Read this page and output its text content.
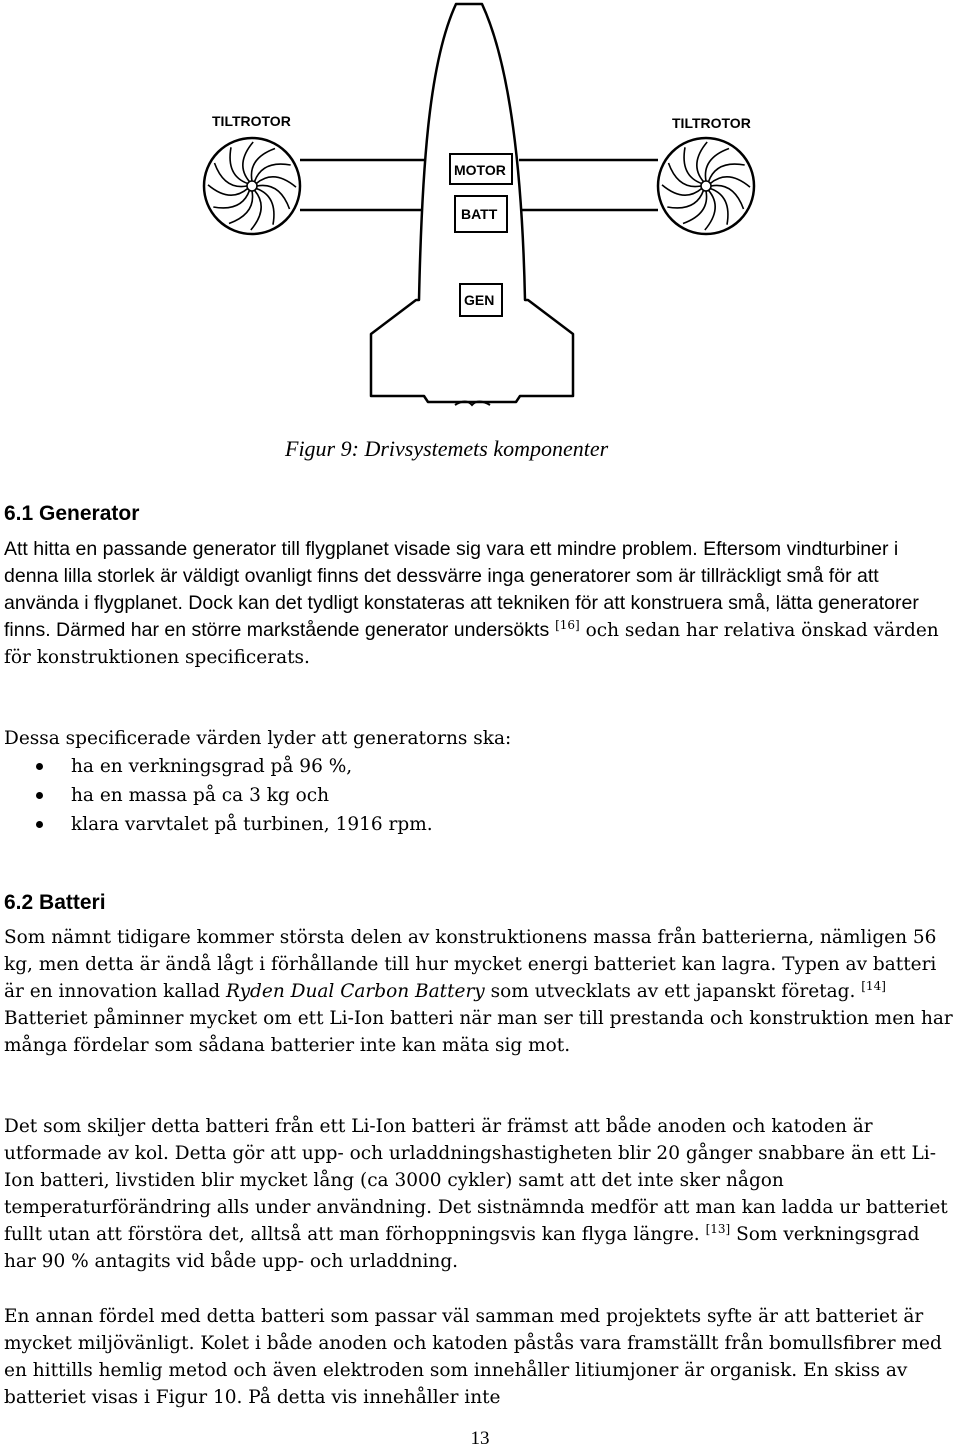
TILTROTOR	TILTROTOR
MOTOR
BATT
GEN
Figur 9: Drivsystemets komponenter
6.1 Generator
Att hitta en passande generator till flygplanet visade sig vara ett mindre problem. Eftersom vindturbiner i denna lilla storlek är väldigt ovanligt finns det dessvärre inga generatorer som är tillräckligt små för att använda i flygplanet. Dock kan det tydligt konstateras att tekniken för att konstruera små, lätta generatorer finns. Därmed har en större markstående generator undersökts [16] och sedan har relativa önskad värden för konstruktionen specificerats.
Dessa specificerade värden lyder att generatorns ska:
ha en verkningsgrad på 96 %,
ha en massa på ca 3 kg och
klara varvtalet på turbinen, 1916 rpm.
6.2 Batteri
Som nämnt tidigare kommer största delen av konstruktionens massa från batterierna, nämligen 56 kg, men detta är ändå lågt i förhållande till hur mycket energi batteriet kan lagra. Typen av batteri är en innovation kallad Ryden Dual Carbon Battery som utvecklats av ett japanskt företag. [14] Batteriet påminner mycket om ett Li-Ion batteri när man ser till prestanda och konstruktion men har många fördelar som sådana batterier inte kan mäta sig mot.
Det som skiljer detta batteri från ett Li-Ion batteri är främst att både anoden och katoden är utformade av kol. Detta gör att upp- och urladdningshastigheten blir 20 gånger snabbare än ett Li-Ion batteri, livstiden blir mycket lång (ca 3000 cykler) samt att det inte sker någon temperaturförändring alls under användning. Det sistnämnda medför att man kan ladda ur batteriet fullt utan att förstöra det, alltså att man förhoppningsvis kan flyga längre. [13] Som verkningsgrad har 90 % antagits vid både upp- och urladdning.
En annan fördel med detta batteri som passar väl samman med projektets syfte är att batteriet är mycket miljövänligt. Kolet i både anoden och katoden påstås vara framställt från bomullsfibrer med en hittills hemlig metod och även elektroden som innehåller litiumjoner är organisk. En skiss av batteriet visas i Figur 10. På detta vis innehåller inte
13
